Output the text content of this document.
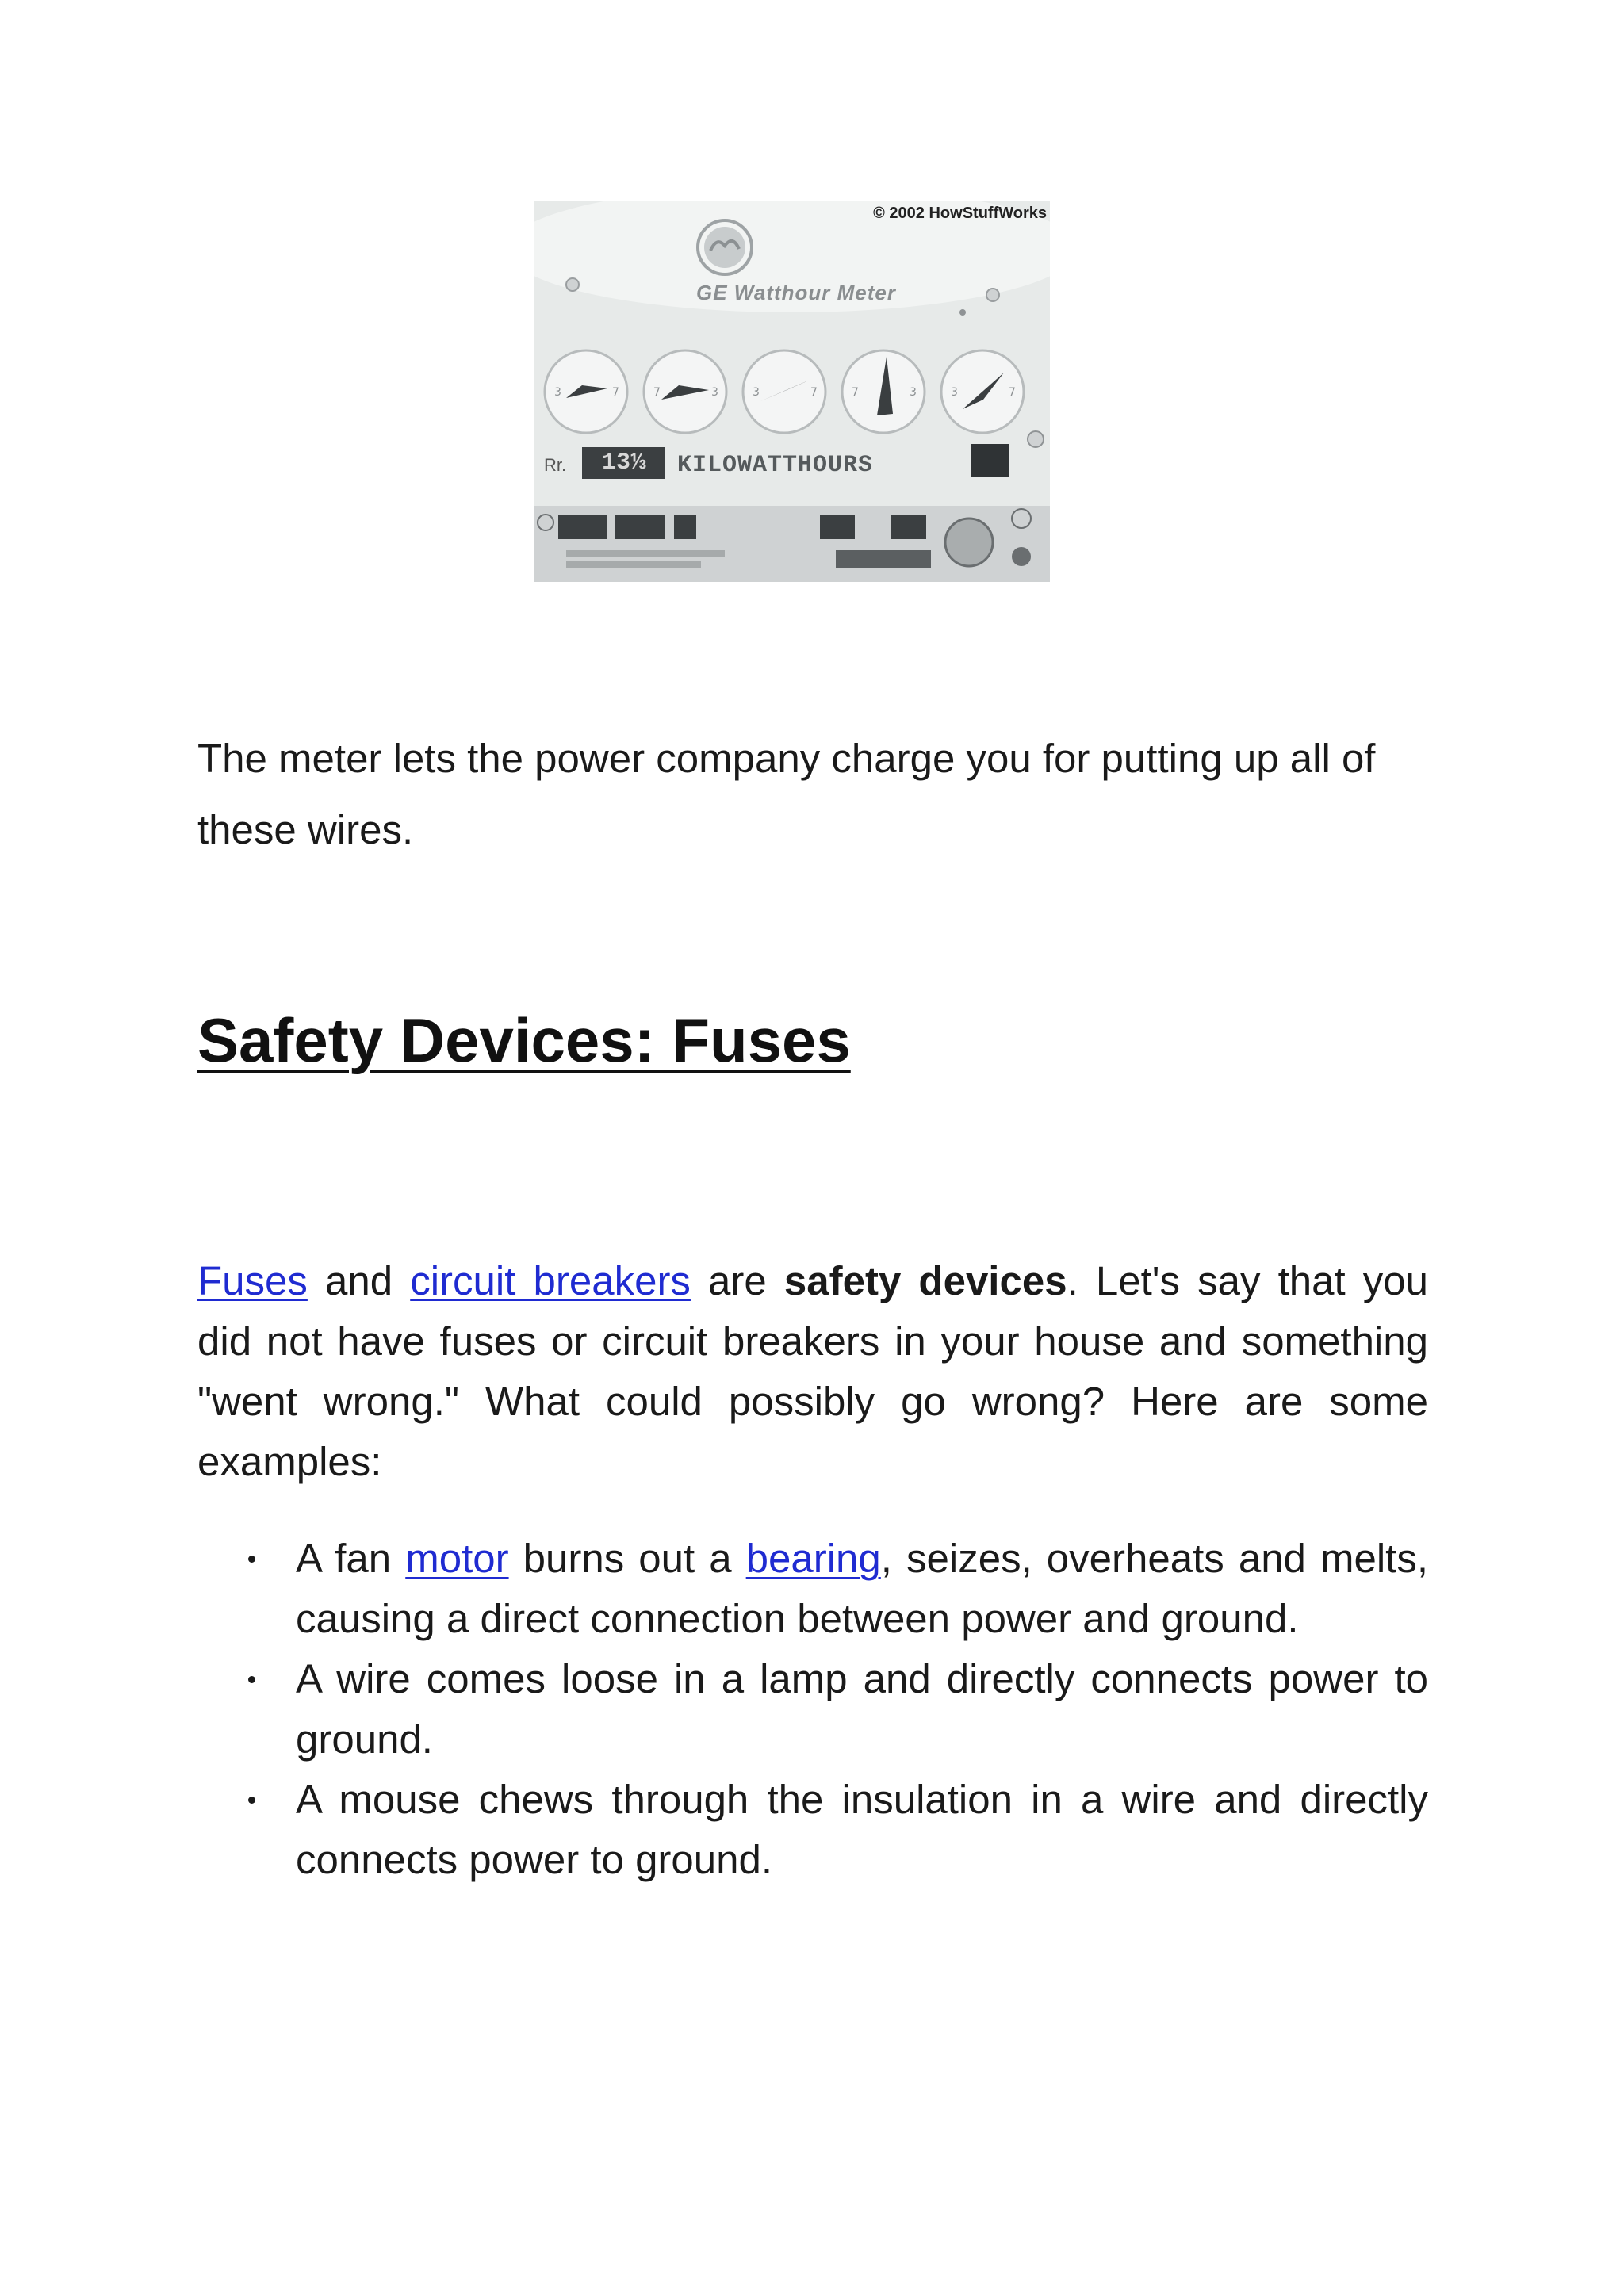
3	7	7	3	3	7	7	3	3	7
© 2002 HowStuffWorks
GE Watthour Meter
Rr.	13⅓	KILOWATTHOURS

The meter lets the power company charge you for putting up all of these wires.

Safety Devices: Fuses

Fuses and circuit breakers are safety devices. Let's say that you did not have fuses or circuit breakers in your house and something "went wrong." What could possibly go wrong? Here are some examples:

A fan motor burns out a bearing, seizes, overheats and melts, causing a direct connection between power and ground.
A wire comes loose in a lamp and directly connects power to ground.
A mouse chews through the insulation in a wire and directly connects power to ground.
